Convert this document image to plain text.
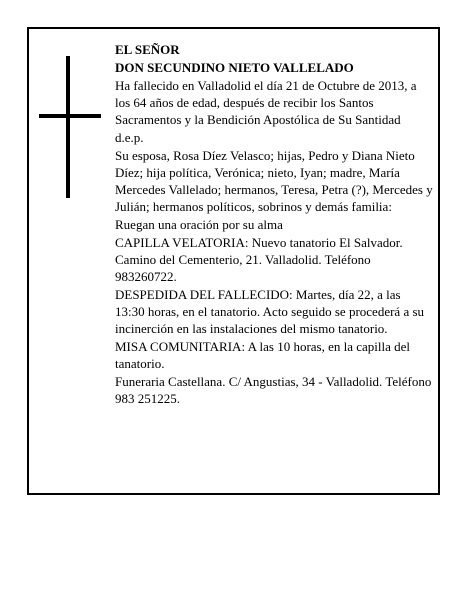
EL SEÑOR

DON SECUNDINO NIETO VALLELADO

Ha fallecido en Valladolid el día 21 de Octubre de 2013, a los 64 años de edad, después de recibir los Santos Sacramentos y la Bendición Apostólica de Su Santidad

d.e.p.

Su esposa, Rosa Díez Velasco; hijas, Pedro y Diana Nieto Díez; hija política, Verónica; nieto, Iyan; madre, María Mercedes Vallelado; hermanos, Teresa, Petra (?), Mercedes y Julián; hermanos políticos, sobrinos y demás familia:

Ruegan una oración por su alma

CAPILLA VELATORIA: Nuevo tanatorio El Salvador. Camino del Cementerio, 21. Valladolid. Teléfono 983260722.

DESPEDIDA DEL FALLECIDO: Martes, día 22, a las 13:30 horas, en el tanatorio. Acto seguido se procederá a su incinerción en las instalaciones del mismo tanatorio.

MISA COMUNITARIA: A las 10 horas, en la capilla del tanatorio.

Funeraria Castellana. C/ Angustias, 34 - Valladolid. Teléfono 983 251225.
